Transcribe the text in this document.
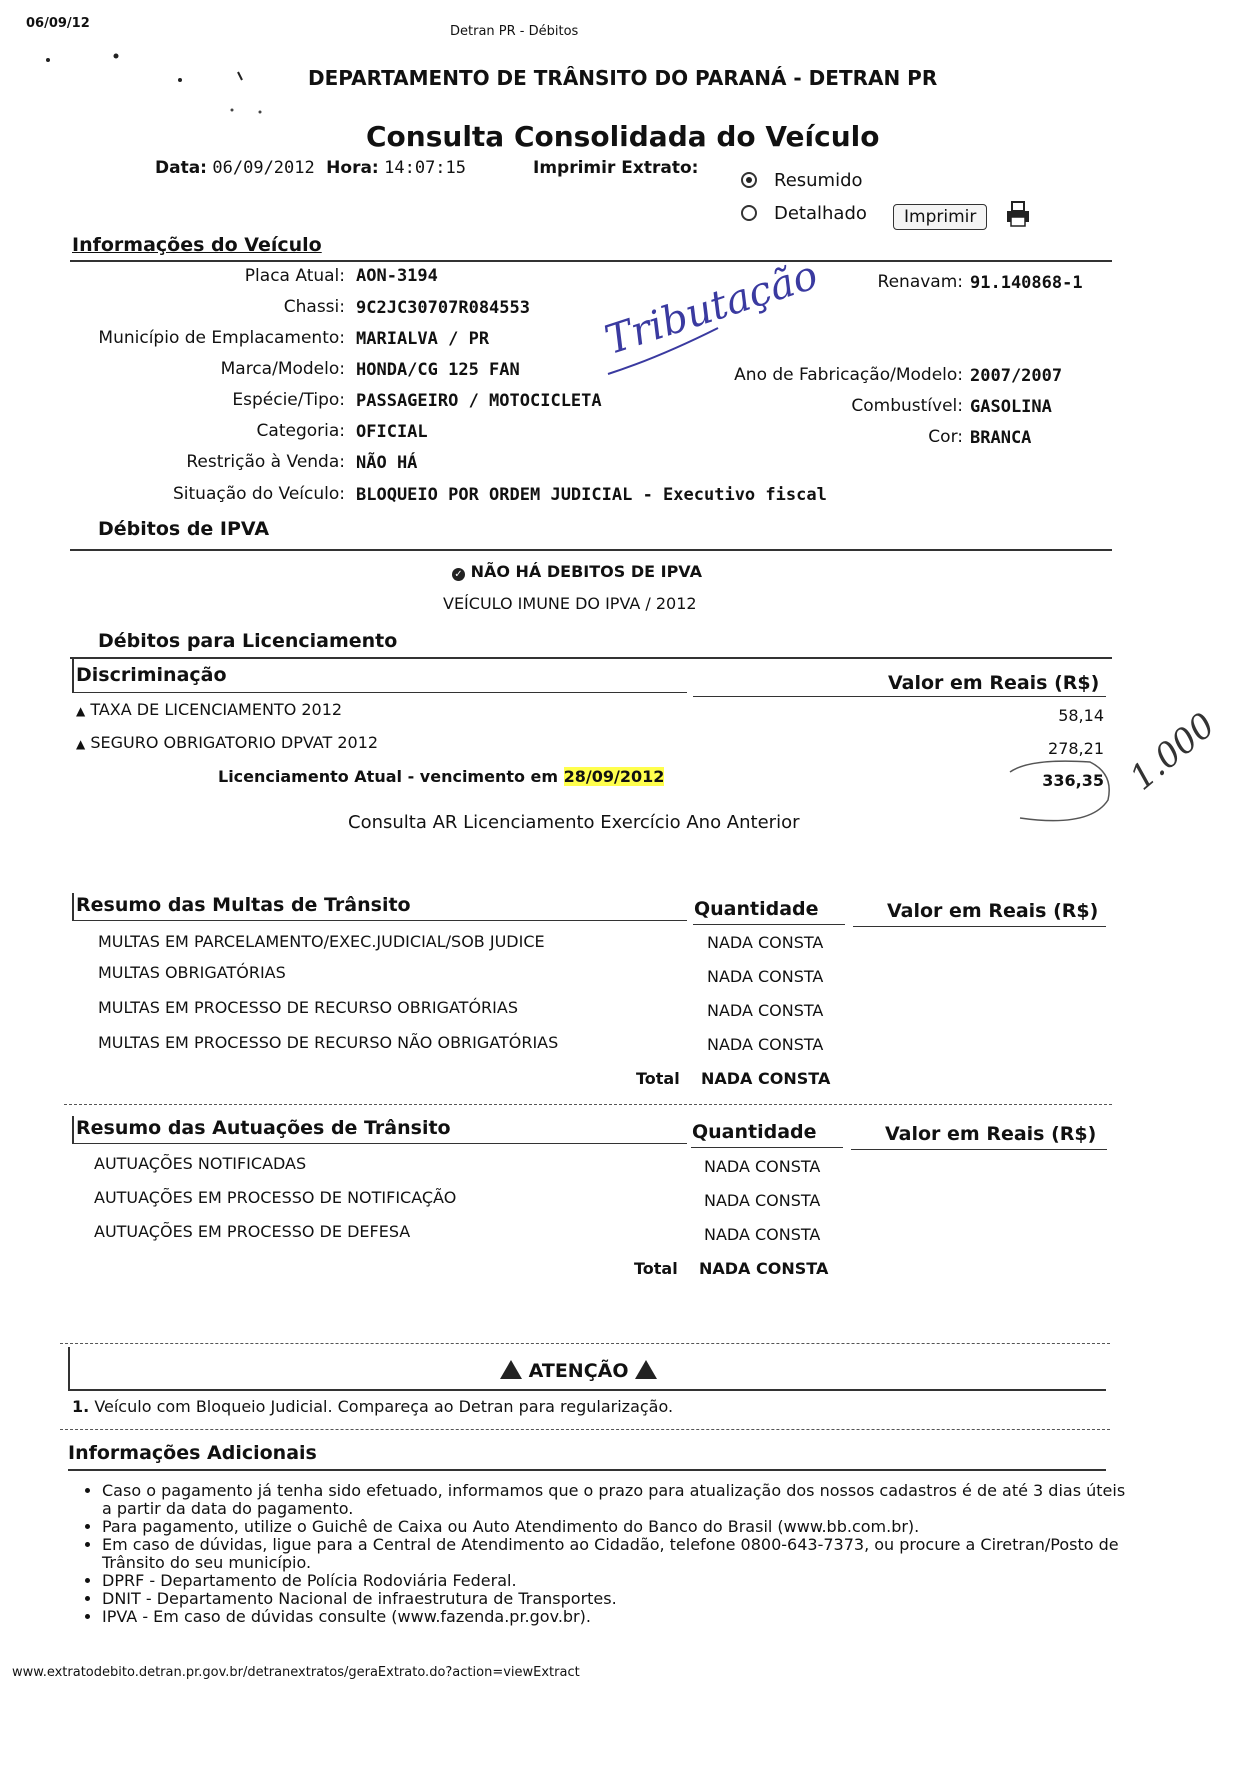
06/09/12
Detran PR - Débitos
DEPARTAMENTO DE TRÂNSITO DO PARANÁ - DETRAN PR
Consulta Consolidada do Veículo
Data: 06/09/2012 Hora: 14:07:15	Imprimir Extrato:
Resumido
Detalhado	Imprimir
Informações do Veículo
Placa Atual: AON-3194
Chassi: 9C2JC30707R084553
Município de Emplacamento: MARIALVA / PR
Marca/Modelo: HONDA/CG 125 FAN
Espécie/Tipo: PASSAGEIRO / MOTOCICLETA
Categoria: OFICIAL
Restrição à Venda: NÃO HÁ
Situação do Veículo: BLOQUEIO POR ORDEM JUDICIAL - Executivo fiscal
Renavam: 91.140868-1
Ano de Fabricação/Modelo: 2007/2007
Combustível: GASOLINA
Cor: BRANCA
Tributação
Débitos de IPVA
✓ NÃO HÁ DEBITOS DE IPVA
VEÍCULO IMUNE DO IPVA / 2012
Débitos para Licenciamento
Discriminação	Valor em Reais (R$)
▲ TAXA DE LICENCIAMENTO 2012	58,14
▲ SEGURO OBRIGATORIO DPVAT 2012	278,21
Licenciamento Atual - vencimento em 28/09/2012	336,35 1.000
Consulta AR Licenciamento Exercício Ano Anterior
Resumo das Multas de Trânsito	Quantidade	Valor em Reais (R$)
MULTAS EM PARCELAMENTO/EXEC.JUDICIAL/SOB JUDICE	NADA CONSTA
MULTAS OBRIGATÓRIAS	NADA CONSTA
MULTAS EM PROCESSO DE RECURSO OBRIGATÓRIAS	NADA CONSTA
MULTAS EM PROCESSO DE RECURSO NÃO OBRIGATÓRIAS	NADA CONSTA
Total NADA CONSTA
Resumo das Autuações de Trânsito	Quantidade	Valor em Reais (R$)
AUTUAÇÕES NOTIFICADAS	NADA CONSTA
AUTUAÇÕES EM PROCESSO DE NOTIFICAÇÃO	NADA CONSTA
AUTUAÇÕES EM PROCESSO DE DEFESA	NADA CONSTA
Total NADA CONSTA
ATENÇÃO
1. Veículo com Bloqueio Judicial. Compareça ao Detran para regularização.
Informações Adicionais
• Caso o pagamento já tenha sido efetuado, informamos que o prazo para atualização dos nossos cadastros é de até 3 dias úteis a partir da data do pagamento.
• Para pagamento, utilize o Guichê de Caixa ou Auto Atendimento do Banco do Brasil (www.bb.com.br).
• Em caso de dúvidas, ligue para a Central de Atendimento ao Cidadão, telefone 0800-643-7373, ou procure a Ciretran/Posto de Trânsito do seu município.
• DPRF - Departamento de Polícia Rodoviária Federal.
• DNIT - Departamento Nacional de infraestrutura de Transportes.
• IPVA - Em caso de dúvidas consulte (www.fazenda.pr.gov.br).
www.extratodebito.detran.pr.gov.br/detranextratos/geraExtrato.do?action=viewExtract
